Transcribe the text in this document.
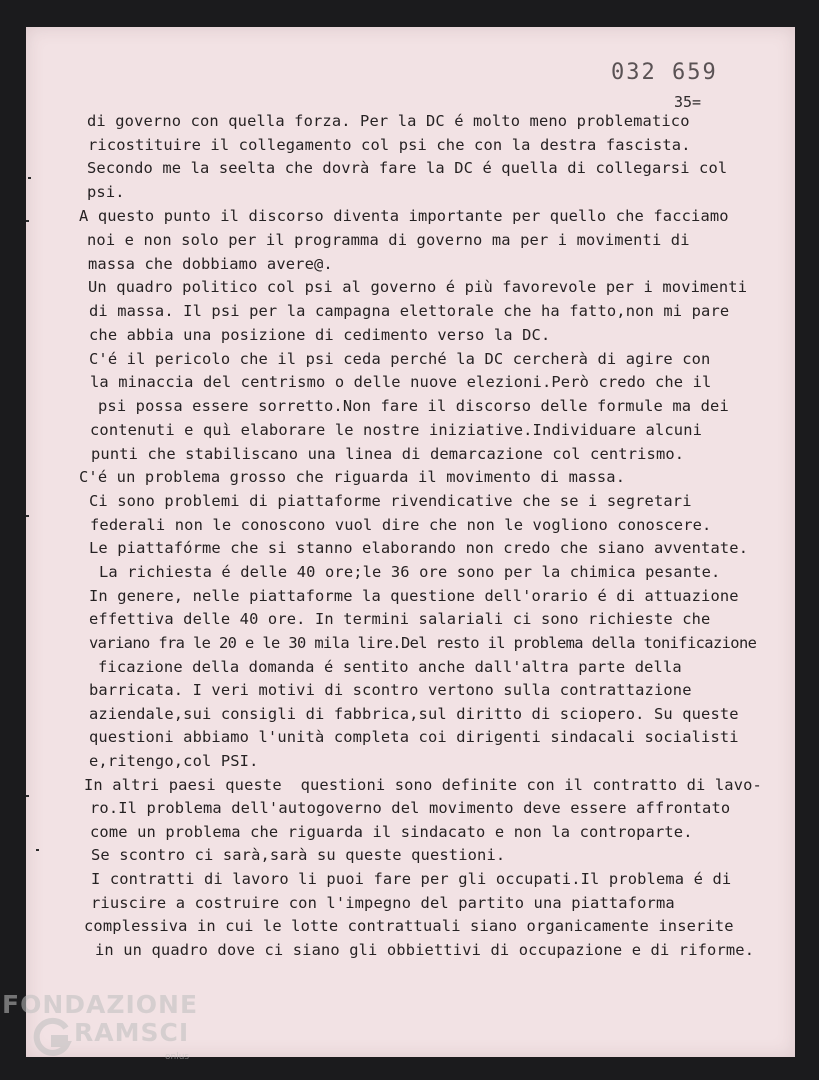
032 659

35=

di governo con quella forza. Per la DC é molto meno problematico

ricostituire il collegamento col psi che con la destra fascista.

Secondo me la seelta che dovrà fare la DC é quella di collegarsi col

psi.

A questo punto il discorso diventa importante per quello che facciamo

noi e non solo per il programma di governo ma per i movimenti di

massa che dobbiamo avere@.

Un quadro politico col psi al governo é più favorevole per i movimenti

di massa. Il psi per la campagna elettorale che ha fatto,non mi pare

che abbia una posizione di cedimento verso la DC.

C'é il pericolo che il psi ceda perché la DC cercherà di agire con

la minaccia del centrismo o delle nuove elezioni.Però credo che il

psi possa essere sorretto.Non fare il discorso delle formule ma dei

contenuti e quì elaborare le nostre iniziative.Individuare alcuni

punti che stabiliscano una linea di demarcazione col centrismo.

C'é un problema grosso che riguarda il movimento di massa.

Ci sono problemi di piattaforme rivendicative che se i segretari

federali non le conoscono vuol dire che non le vogliono conoscere.

Le piattafórme che si stanno elaborando non credo che siano avventate.

La richiesta é delle 40 ore;le 36 ore sono per la chimica pesante.

In genere, nelle piattaforme la questione dell'orario é di attuazione

effettiva delle 40 ore. In termini salariali ci sono richieste che

variano fra le 20 e le 30 mila lire.Del resto il problema della tonificazione

ficazione della domanda é sentito anche dall'altra parte della

barricata. I veri motivi di scontro vertono sulla contrattazione

aziendale,sui consigli di fabbrica,sul diritto di sciopero. Su queste

questioni abbiamo l'unità completa coi dirigenti sindacali socialisti

e,ritengo,col PSI.

In altri paesi queste  questioni sono definite con il contratto di lavo-

ro.Il problema dell'autogoverno del movimento deve essere affrontato

come un problema che riguarda il sindacato e non la controparte.

Se scontro ci sarà,sarà su queste questioni.

I contratti di lavoro li puoi fare per gli occupati.Il problema é di

riuscire a costruire con l'impegno del partito una piattaforma

complessiva in cui le lotte contrattuali siano organicamente inserite

in un quadro dove ci siano gli obbiettivi di occupazione e di riforme.

FONDAZIONE

RAMSCI

onlus
